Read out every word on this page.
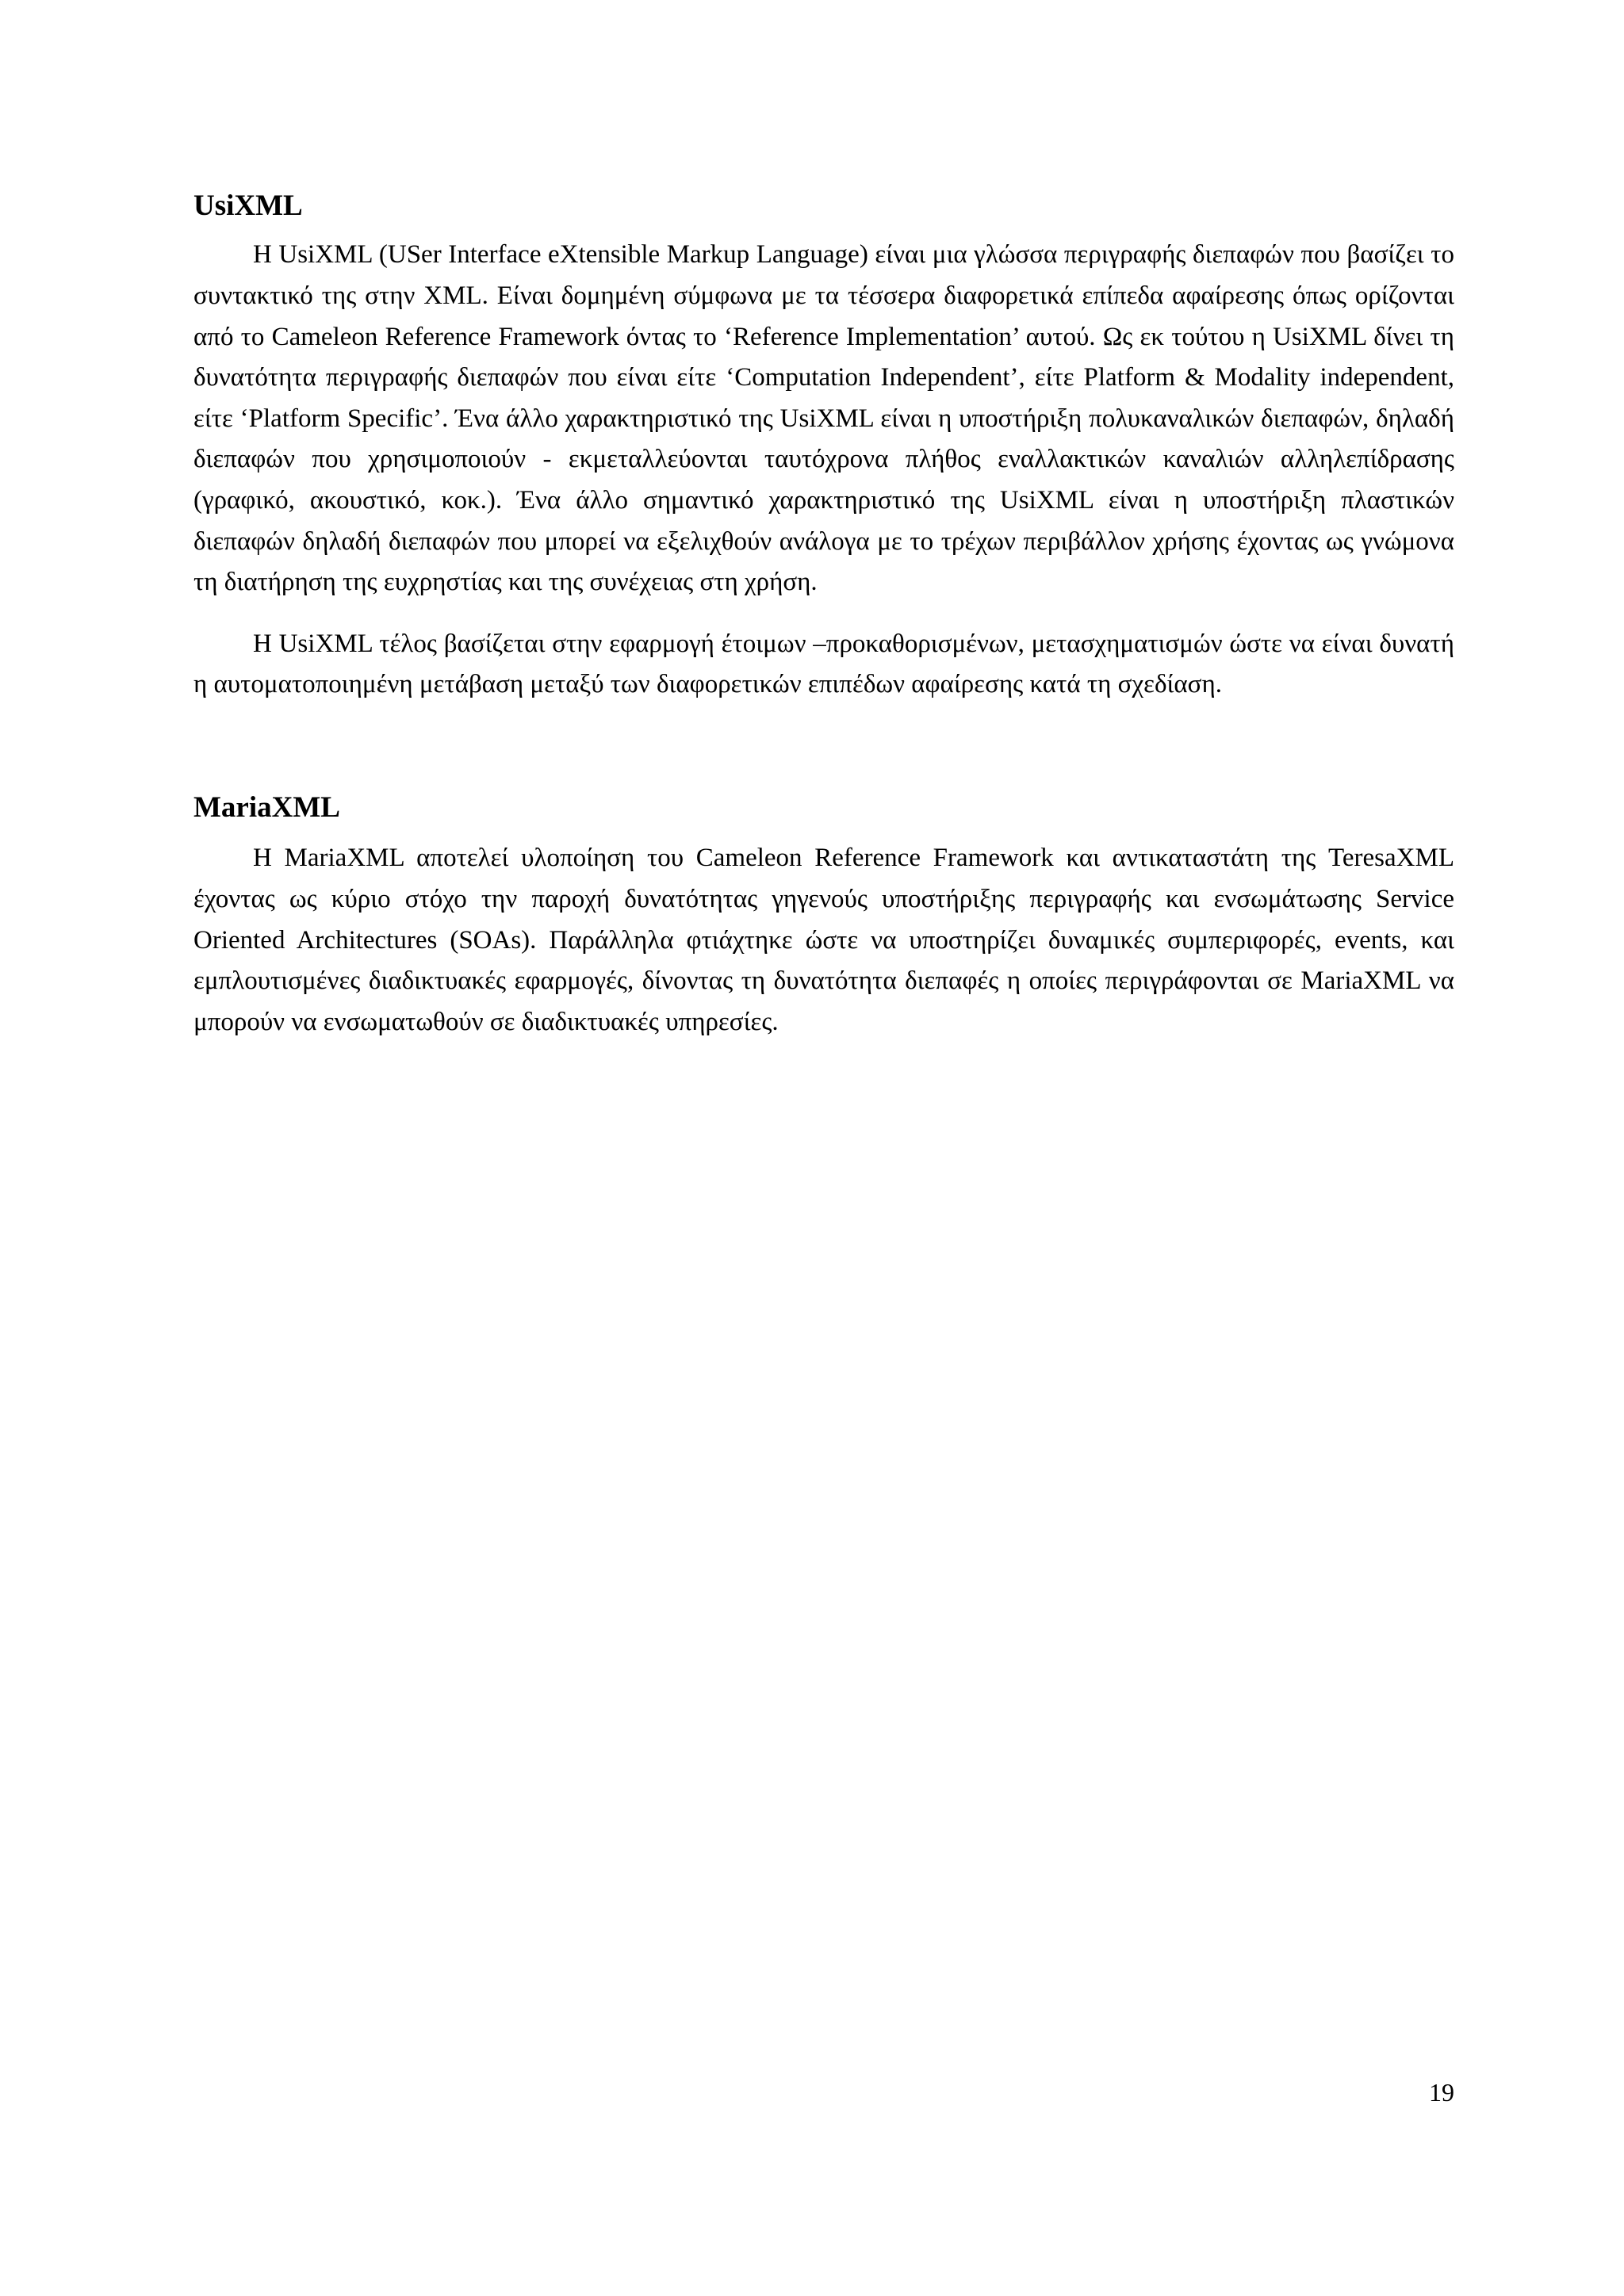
UsiXML

Η UsiXML (USer Interface eXtensible Markup Language) είναι μια γλώσσα περιγραφής διεπαφών που βασίζει το συντακτικό της στην XML. Είναι δομημένη σύμφωνα με τα τέσσερα διαφορετικά επίπεδα αφαίρεσης όπως ορίζονται από το Cameleon Reference Framework όντας το ‘Reference Implementation’ αυτού. Ως εκ τούτου η UsiXML δίνει τη δυνατότητα περιγραφής διεπαφών που είναι είτε ‘Computation Independent’, είτε Platform & Modality independent, είτε ‘Platform Specific’. Ένα άλλο χαρακτηριστικό της UsiXML είναι η υποστήριξη πολυκαναλικών διεπαφών, δηλαδή διεπαφών που χρησιμοποιούν - εκμεταλλεύονται ταυτόχρονα πλήθος εναλλακτικών καναλιών αλληλεπίδρασης (γραφικό, ακουστικό, κοκ.). Ένα άλλο σημαντικό χαρακτηριστικό της UsiXML είναι η υποστήριξη πλαστικών διεπαφών δηλαδή διεπαφών που μπορεί να εξελιχθούν ανάλογα με το τρέχων περιβάλλον χρήσης έχοντας ως γνώμονα τη διατήρηση της ευχρηστίας και της συνέχειας στη χρήση.

Η UsiXML τέλος βασίζεται στην εφαρμογή έτοιμων –προκαθορισμένων, μετασχηματισμών ώστε να είναι δυνατή η αυτοματοποιημένη μετάβαση μεταξύ των διαφορετικών επιπέδων αφαίρεσης κατά τη σχεδίαση.

MariaXML

Η MariaXML αποτελεί υλοποίηση του Cameleon Reference Framework και αντικαταστάτη της TeresaXML έχοντας ως κύριο στόχο την παροχή δυνατότητας γηγενούς υποστήριξης περιγραφής και ενσωμάτωσης Service Oriented Architectures (SOAs). Παράλληλα φτιάχτηκε ώστε να υποστηρίζει δυναμικές συμπεριφορές, events, και εμπλουτισμένες διαδικτυακές εφαρμογές, δίνοντας τη δυνατότητα διεπαφές η οποίες περιγράφονται σε MariaXML να μπορούν να ενσωματωθούν σε διαδικτυακές υπηρεσίες.

19
